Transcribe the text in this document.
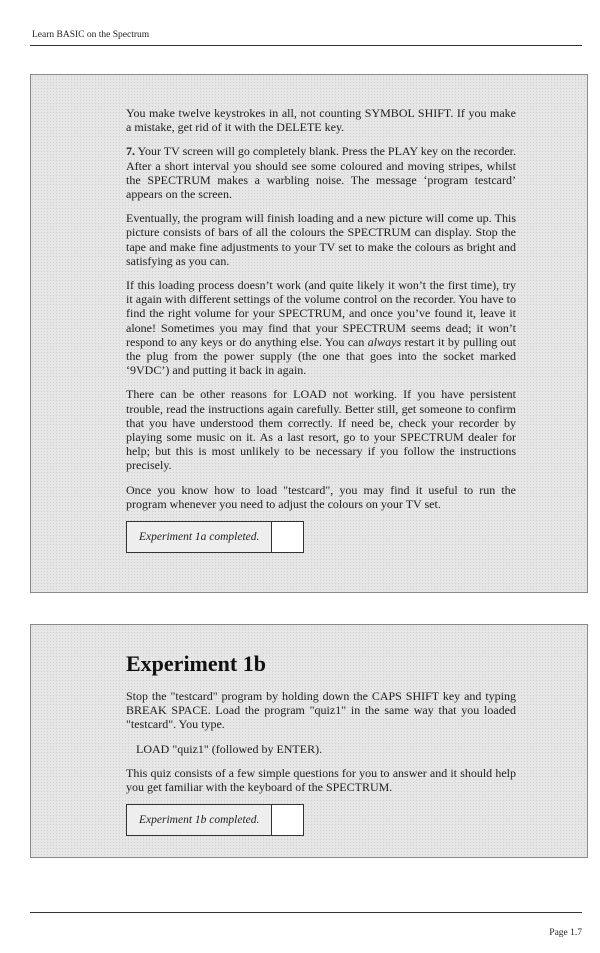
Learn BASIC on the Spectrum

You make twelve keystrokes in all, not counting SYMBOL SHIFT. If you make a mistake, get rid of it with the DELETE key.

7. Your TV screen will go completely blank. Press the PLAY key on the recorder. After a short interval you should see some coloured and moving stripes, whilst the SPECTRUM makes a warbling noise. The message ‘program testcard’ appears on the screen.

Eventually, the program will finish loading and a new picture will come up. This picture consists of bars of all the colours the SPECTRUM can display. Stop the tape and make fine adjustments to your TV set to make the colours as bright and satisfying as you can.

If this loading process doesn’t work (and quite likely it won’t the first time), try it again with different settings of the volume control on the recorder. You have to find the right volume for your SPECTRUM, and once you’ve found it, leave it alone! Sometimes you may find that your SPECTRUM seems dead; it won’t respond to any keys or do anything else. You can always restart it by pulling out the plug from the power supply (the one that goes into the socket marked ‘9VDC’) and putting it back in again.

There can be other reasons for LOAD not working. If you have persistent trouble, read the instructions again carefully. Better still, get someone to confirm that you have understood them correctly. If need be, check your recorder by playing some music on it. As a last resort, go to your SPECTRUM dealer for help; but this is most unlikely to be necessary if you follow the instructions precisely.

Once you know how to load "testcard", you may find it useful to run the program whenever you need to adjust the colours on your TV set.

Experiment 1a completed.
Experiment 1b

Stop the "testcard" program by holding down the CAPS SHIFT key and typing BREAK SPACE. Load the program "quiz1" in the same way that you loaded "testcard". You type.

LOAD "quiz1" (followed by ENTER).

This quiz consists of a few simple questions for you to answer and it should help you get familiar with the keyboard of the SPECTRUM.

Experiment 1b completed.
Page 1.7
